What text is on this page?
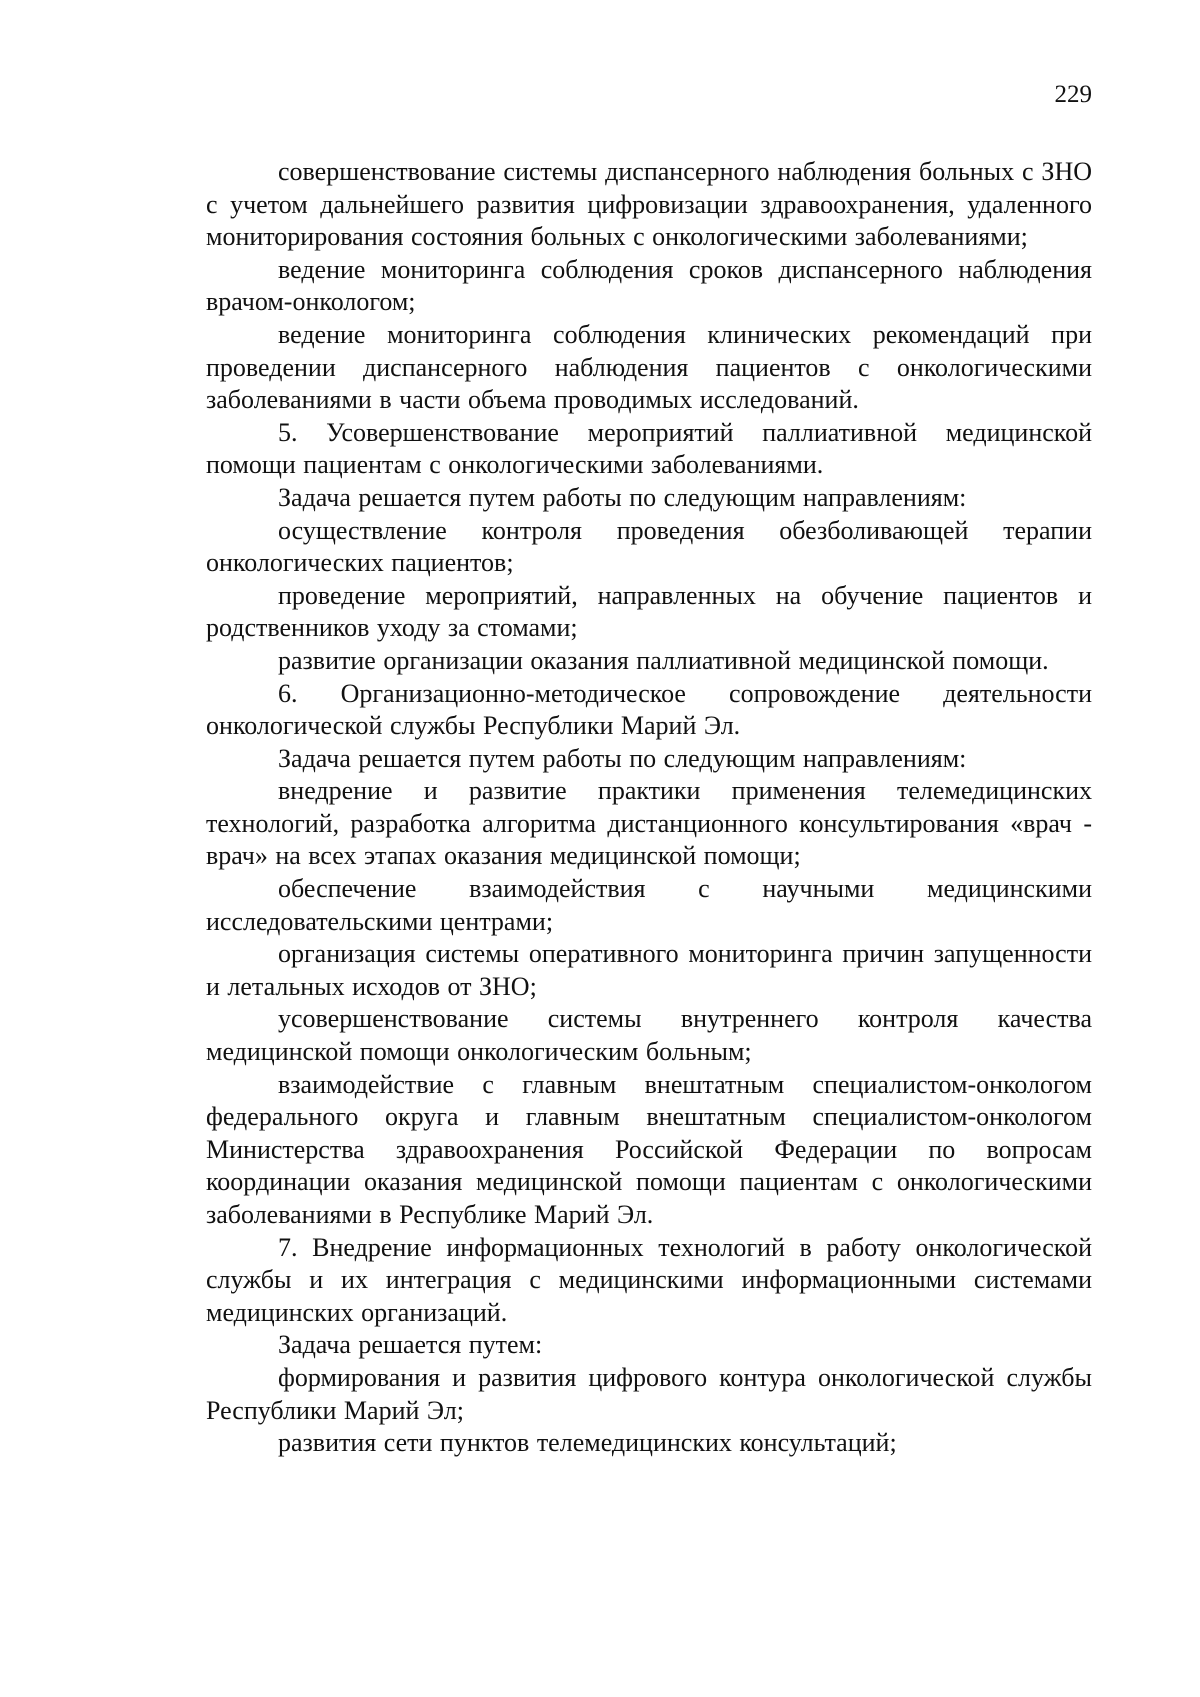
229

совершенствование системы диспансерного наблюдения больных с ЗНО с учетом дальнейшего развития цифровизации здравоохранения, удаленного мониторирования состояния больных с онкологическими заболеваниями;

ведение мониторинга соблюдения сроков диспансерного наблюдения врачом-онкологом;

ведение мониторинга соблюдения клинических рекомендаций при проведении диспансерного наблюдения пациентов с онкологическими заболеваниями в части объема проводимых исследований.

5. Усовершенствование мероприятий паллиативной медицинской помощи пациентам с онкологическими заболеваниями.

Задача решается путем работы по следующим направлениям:

осуществление контроля проведения обезболивающей терапии онкологических пациентов;

проведение мероприятий, направленных на обучение пациентов и родственников уходу за стомами;

развитие организации оказания паллиативной медицинской помощи.

6. Организационно-методическое сопровождение деятельности онкологической службы Республики Марий Эл.

Задача решается путем работы по следующим направлениям:

внедрение и развитие практики применения телемедицинских технологий, разработка алгоритма дистанционного консультирования «врач - врач» на всех этапах оказания медицинской помощи;

обеспечение взаимодействия с научными медицинскими исследовательскими центрами;

организация системы оперативного мониторинга причин запущенности и летальных исходов от ЗНО;

усовершенствование системы внутреннего контроля качества медицинской помощи онкологическим больным;

взаимодействие с главным внештатным специалистом-онкологом федерального округа и главным внештатным специалистом-онкологом Министерства здравоохранения Российской Федерации по вопросам координации оказания медицинской помощи пациентам с онкологическими заболеваниями в Республике Марий Эл.

7. Внедрение информационных технологий в работу онкологической службы и их интеграция с медицинскими информационными системами медицинских организаций.

Задача решается путем:

формирования и развития цифрового контура онкологической службы Республики Марий Эл;

развития сети пунктов телемедицинских консультаций;
